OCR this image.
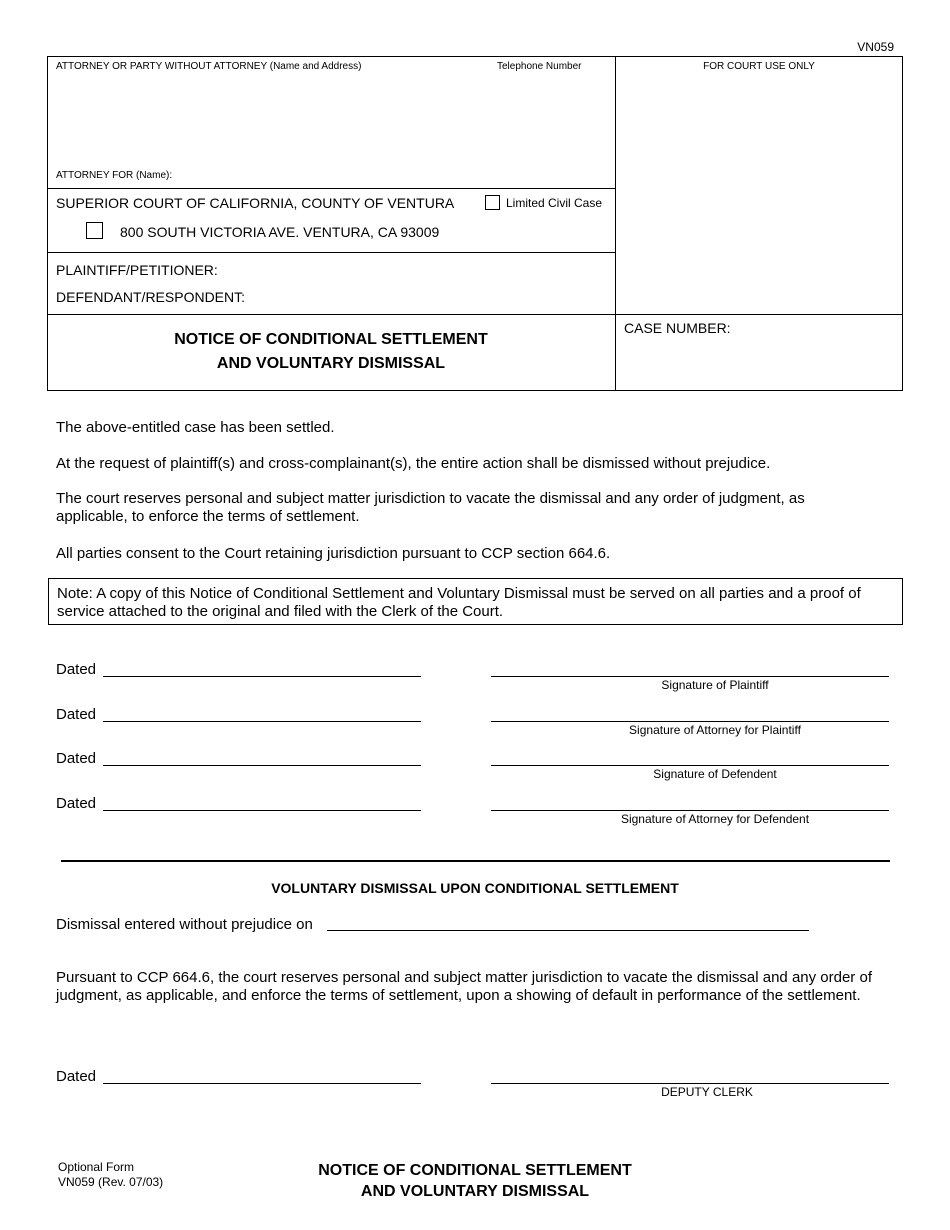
VN059
ATTORNEY OR PARTY WITHOUT ATTORNEY (Name and Address)	Telephone Number	FOR COURT USE ONLY
ATTORNEY FOR (Name):
SUPERIOR COURT OF CALIFORNIA, COUNTY OF VENTURA	Limited Civil Case
800 SOUTH VICTORIA AVE. VENTURA, CA 93009
PLAINTIFF/PETITIONER:
DEFENDANT/RESPONDENT:
NOTICE OF CONDITIONAL SETTLEMENT
AND VOLUNTARY DISMISSAL
CASE NUMBER:
The above-entitled case has been settled.
At the request of plaintiff(s) and cross-complainant(s), the entire action shall be dismissed without prejudice.
The court reserves personal and subject matter jurisdiction to vacate the dismissal and any order of judgment, as applicable, to enforce the terms of settlement.
All parties consent to the Court retaining jurisdiction pursuant to CCP section 664.6.
Note: A copy of this Notice of Conditional Settlement and Voluntary Dismissal must be served on all parties and a proof of service attached to the original and filed with the Clerk of the Court.
Dated
Signature of Plaintiff
Dated
Signature of Attorney for Plaintiff
Dated
Signature of Defendent
Dated
Signature of Attorney for Defendent
VOLUNTARY DISMISSAL UPON CONDITIONAL SETTLEMENT
Dismissal entered without prejudice on
Pursuant to CCP 664.6, the court reserves personal and subject matter jurisdiction to vacate the dismissal and any order of judgment, as applicable, and enforce the terms of settlement, upon a showing of default in performance of the settlement.
Dated
DEPUTY CLERK
Optional Form
VN059 (Rev. 07/03)
NOTICE OF CONDITIONAL SETTLEMENT
AND VOLUNTARY DISMISSAL
